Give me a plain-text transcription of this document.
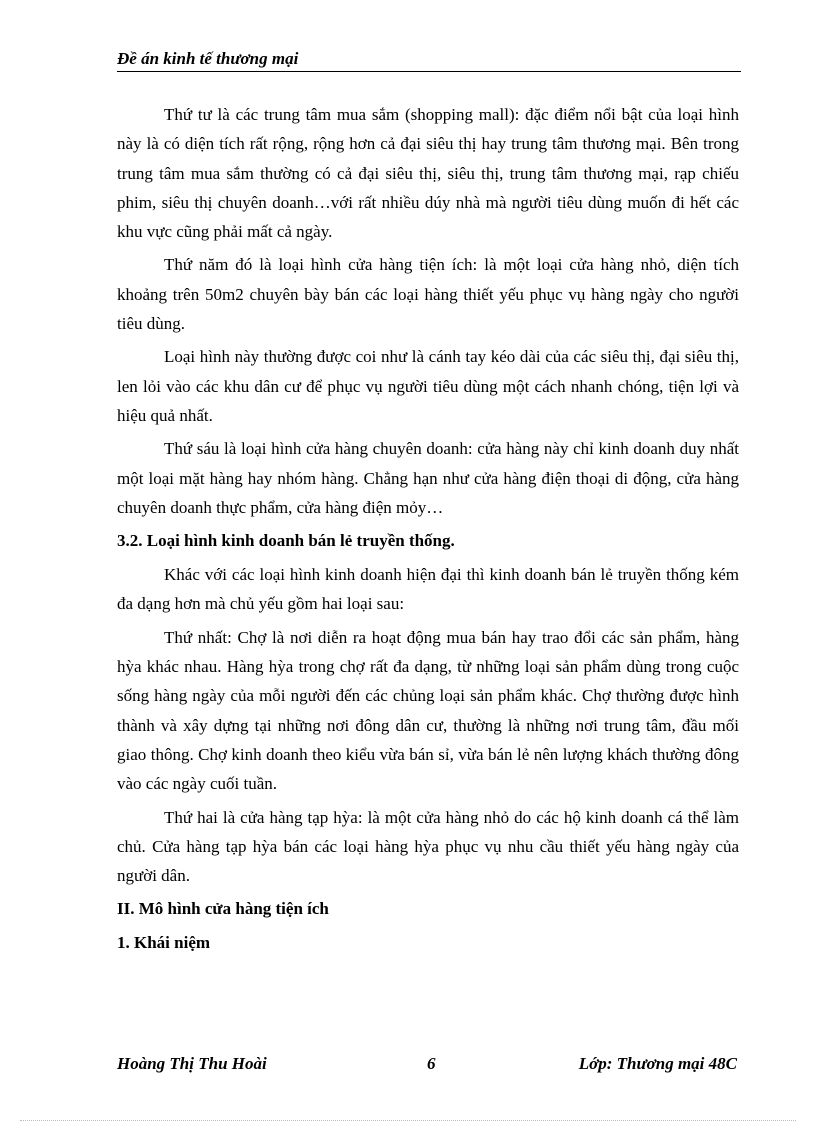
Đề án kinh tế thương mại

Thứ tư là các trung tâm mua sắm (shopping mall): đặc điểm nổi bật của loại hình này là có diện tích rất rộng, rộng hơn cả đại siêu thị hay trung tâm thương mại. Bên trong trung tâm mua sắm thường có cả đại siêu thị, siêu thị, trung tâm thương mại, rạp chiếu phim, siêu thị chuyên doanh…với rất nhiều dúy nhà mà người tiêu dùng muốn đi hết các khu vực cũng phải mất cả ngày.

Thứ năm đó là loại hình cửa hàng tiện ích: là một loại cửa hàng nhỏ, diện tích khoảng trên 50m2 chuyên bày bán các loại hàng thiết yếu phục vụ hàng ngày cho người tiêu dùng.

Loại hình này thường được coi như là cánh tay kéo dài của các siêu thị, đại siêu thị, len lỏi vào các khu dân cư để phục vụ người tiêu dùng một cách nhanh chóng, tiện lợi và hiệu quả nhất.

Thứ sáu là loại hình cửa hàng chuyên doanh: cửa hàng này chỉ kinh doanh duy nhất một loại mặt hàng hay nhóm hàng. Chẳng hạn như cửa hàng điện thoại di động, cửa hàng chuyên doanh thực phẩm, cửa hàng điện mỏy…

3.2. Loại hình kinh doanh bán lẻ truyền thống.

Khác với các loại hình kinh doanh hiện đại thì kinh doanh bán lẻ truyền thống kém đa dạng hơn mà chủ yếu gồm hai loại sau:

Thứ nhất: Chợ là nơi diễn ra hoạt động mua bán hay trao đổi các sản phẩm, hàng hỳa khác nhau. Hàng hỳa trong chợ rất đa dạng, từ những loại sản phẩm dùng trong cuộc sống hàng ngày của mỗi người đến các chủng loại sản phẩm khác. Chợ thường được hình thành và xây dựng tại những nơi đông dân cư, thường là những nơi trung tâm, đầu mối giao thông. Chợ kinh doanh theo kiểu vừa bán sỉ, vừa bán lẻ nên lượng khách thường đông vào các ngày cuối tuần.

Thứ hai là cửa hàng tạp hỳa: là một cửa hàng nhỏ do các hộ kinh doanh cá thể làm chủ. Cửa hàng tạp hỳa bán các loại hàng hỳa phục vụ nhu cầu thiết yếu hàng ngày của người dân.

II. Mô hình cửa hàng tiện ích
1. Khái niệm
Hoàng Thị Thu Hoài	6	Lớp: Thương mại 48C
